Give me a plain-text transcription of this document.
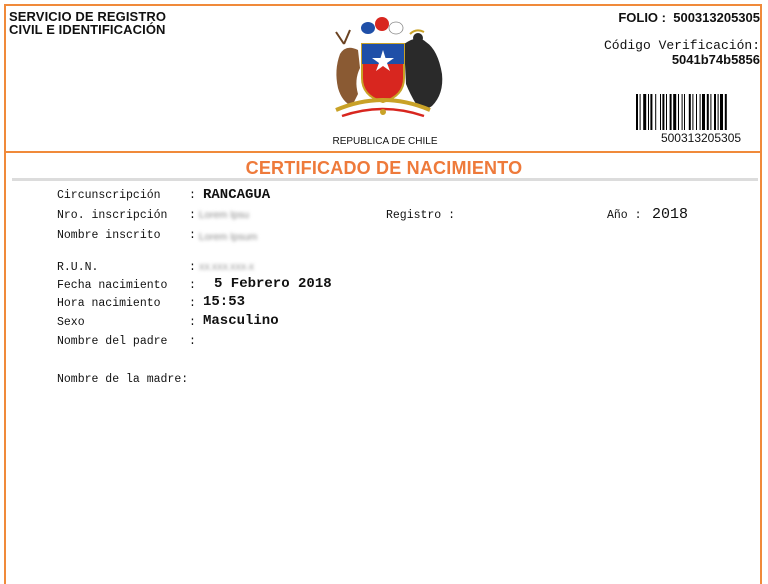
SERVICIO DE REGISTRO
CIVIL E IDENTIFICACIÓN
FOLIO : 500313205305
Código Verificación:
5041b74b5856
500313205305
REPUBLICA DE CHILE
CERTIFICADO DE NACIMIENTO
Circunscripción : RANCAGUA
Nro. inscripción : Lorem Ipsu	Registro :	Año : 2018
Nombre inscrito : Lorem Ipsum
R.U.N.	: XX.XXX.XXX-X
Fecha nacimiento : 5 Febrero 2018
Hora nacimiento : 15:53
Sexo	: Masculino
Nombre del padre :
Nombre de la madre:
